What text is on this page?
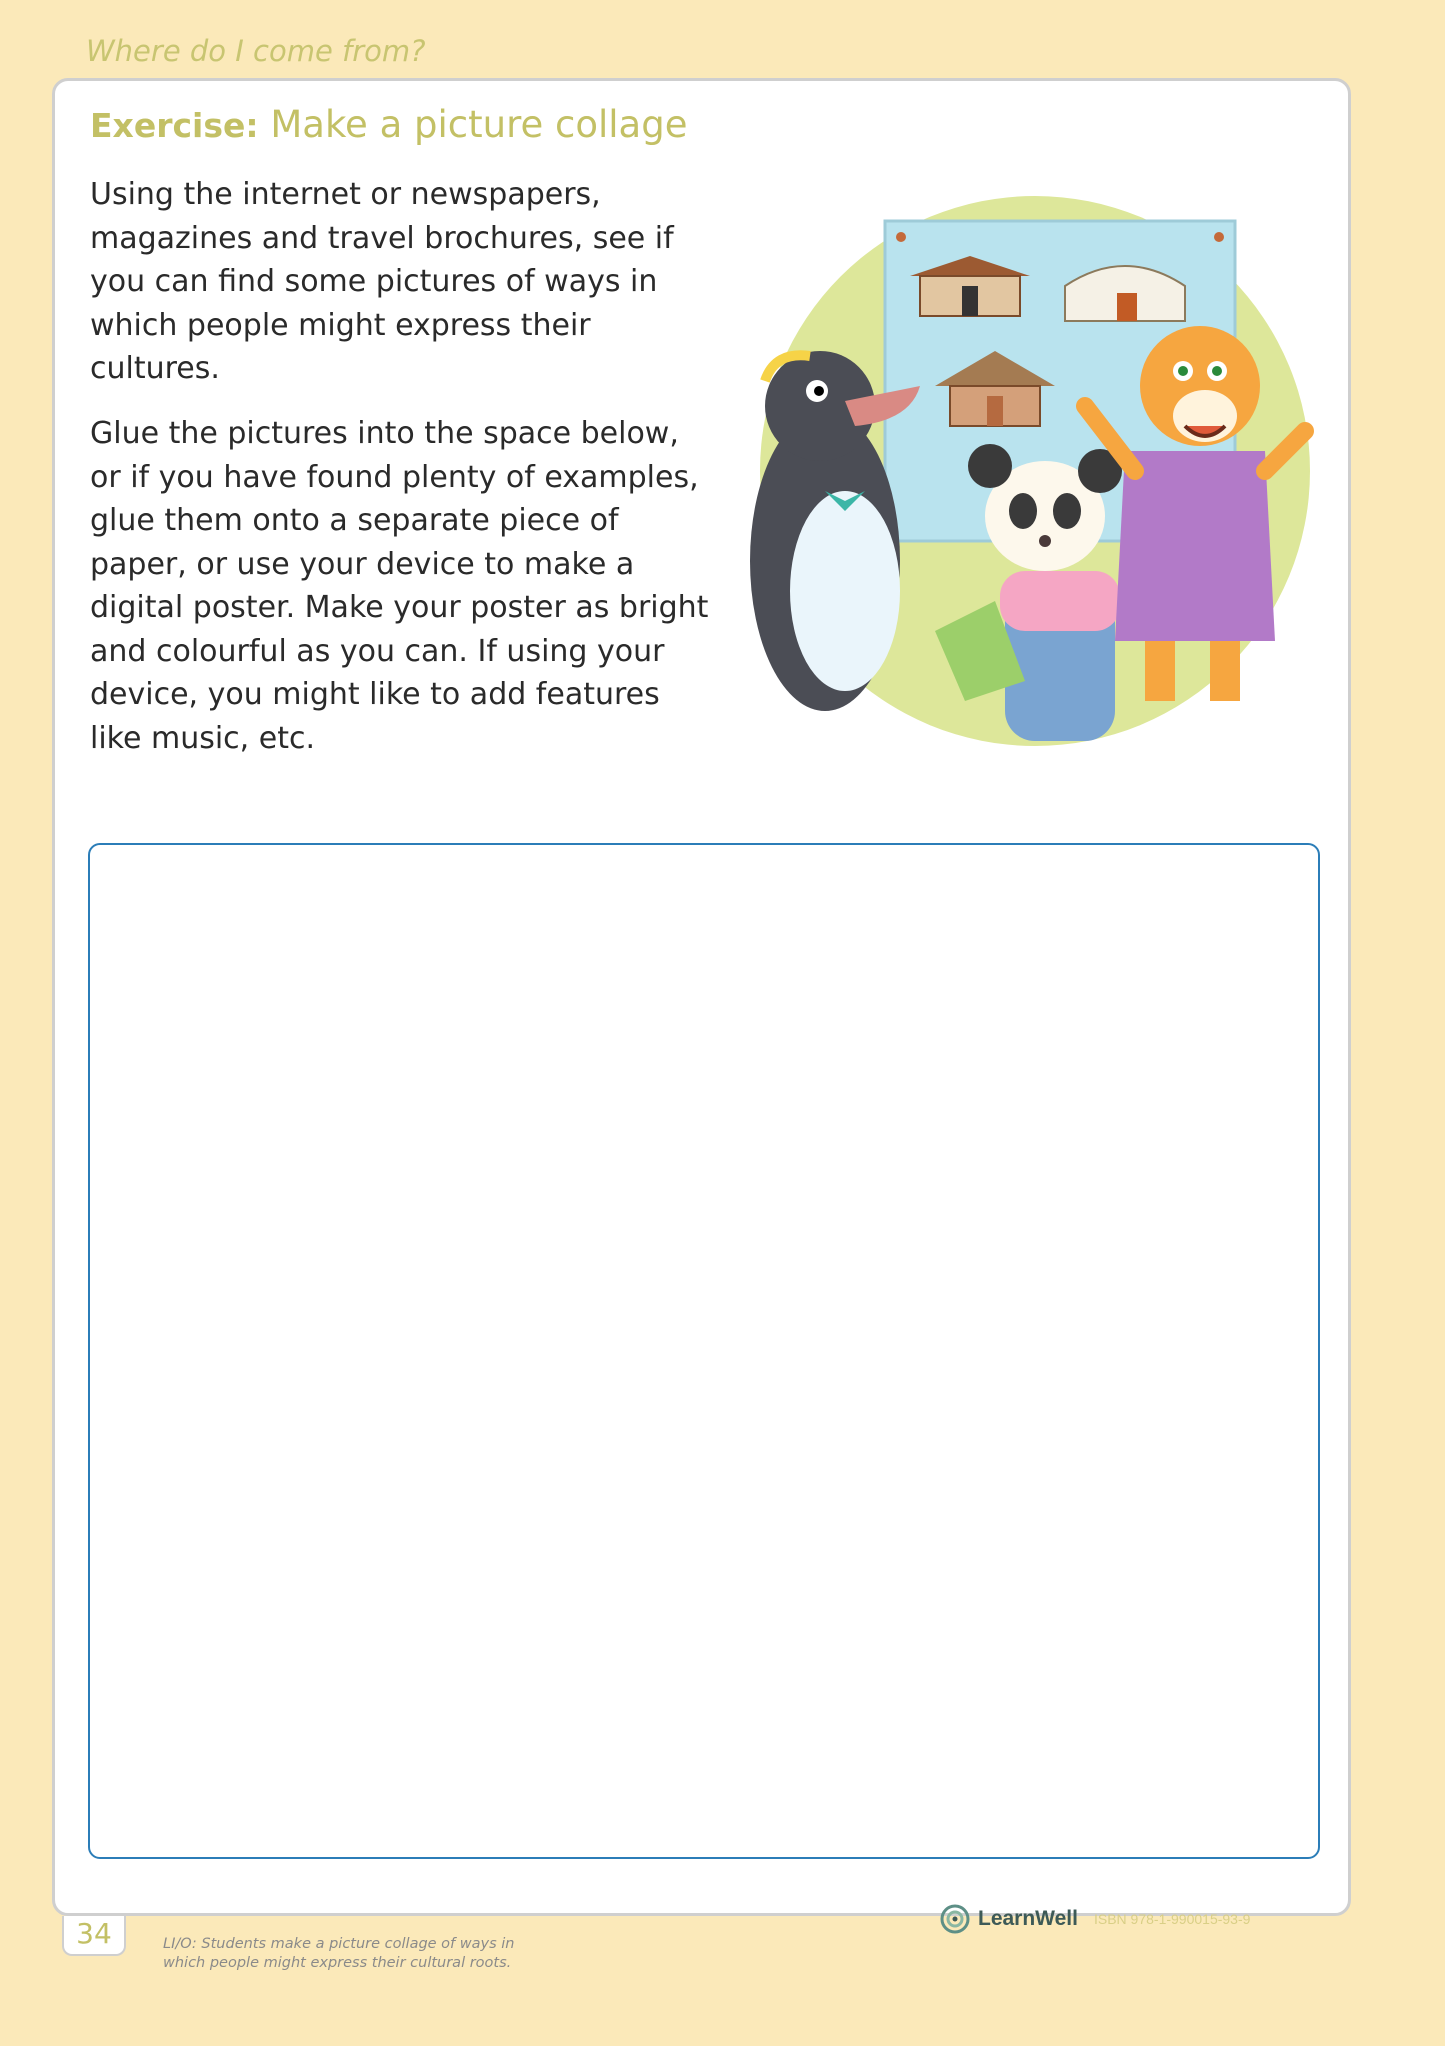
Where do I come from?
Exercise: Make a picture collage

Using the internet or newspapers, magazines and travel brochures, see if you can find some pictures of ways in which people might express their cultures.

Glue the pictures into the space below, or if you have found plenty of examples, glue them onto a separate piece of paper, or use your device to make a digital poster. Make your poster as bright and colourful as you can. If using your device, you might like to add features like music, etc.

34	LI/O: Students make a picture collage of ways in which people might express their cultural roots.

LearnWell ISBN 978-1-990015-93-9
